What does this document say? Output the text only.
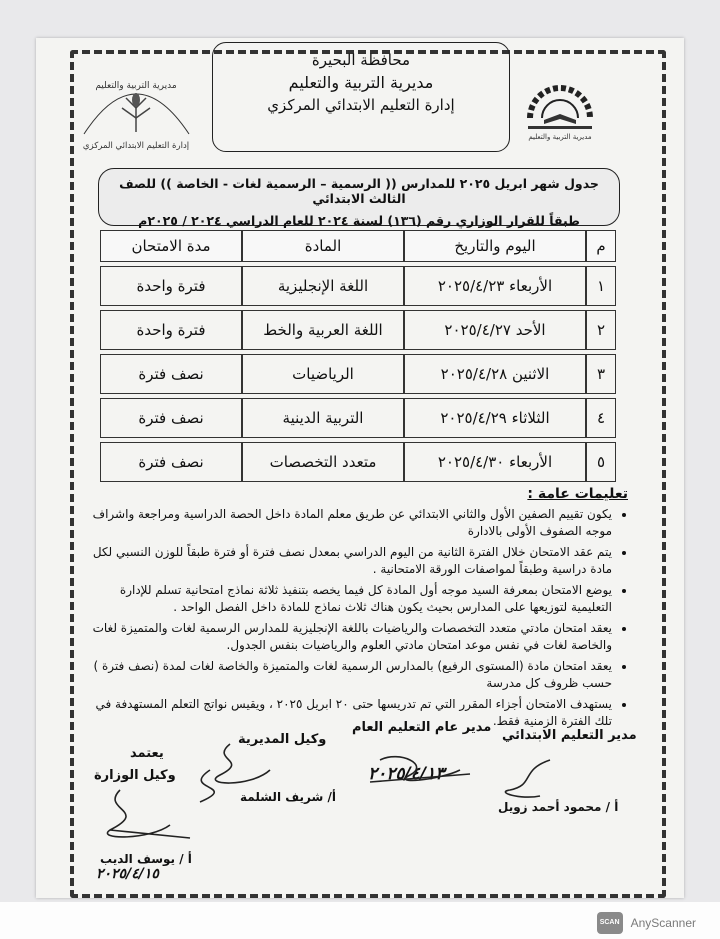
مديرية التربية والتعليم
إدارة التعليم الابتدائي المركزي
مديرية التربية والتعليم
محافظة البحيرة
مديرية التربية والتعليم
إدارة التعليم الابتدائي المركزي
جدول شهر ابريل ٢٠٢٥ للمدارس (( الرسمية – الرسمية لغات - الخاصة )) للصف الثالث الابتدائي
طبقاً للقرار الوزاري رقم (١٣٦) لسنة ٢٠٢٤ للعام الدراسي ٢٠٢٤ / ٢٠٢٥م
م	اليوم والتاريخ	المادة	مدة الامتحان
١	الأربعاء ٢٠٢٥/٤/٢٣	اللغة الإنجليزية	فترة واحدة
٢	الأحد ٢٠٢٥/٤/٢٧	اللغة العربية والخط	فترة واحدة
٣	الاثنين ٢٠٢٥/٤/٢٨	الرياضيات	نصف فترة
٤	الثلاثاء ٢٠٢٥/٤/٢٩	التربية الدينية	نصف فترة
٥	الأربعاء ٢٠٢٥/٤/٣٠	متعدد التخصصات	نصف فترة
تعليمات عامة :
• يكون تقييم الصفين الأول والثاني الابتدائي عن طريق معلم المادة داخل الحصة الدراسية ومراجعة واشراف موجه الصفوف الأولى بالادارة
• يتم عقد الامتحان خلال الفترة الثانية من اليوم الدراسي بمعدل نصف فترة أو فترة طبقاً للوزن النسبي لكل مادة دراسية وطبقاً لمواصفات الورقة الامتحانية .
• يوضع الامتحان بمعرفة السيد موجه أول المادة كل فيما يخصه بتنفيذ ثلاثة نماذج امتحانية تسلم للإدارة التعليمية لتوزيعها على المدارس بحيث يكون هناك ثلاث نماذج للمادة داخل الفصل الواحد .
• يعقد امتحان مادتي متعدد التخصصات والرياضيات باللغة الإنجليزية للمدارس الرسمية لغات والمتميزة لغات والخاصة لغات في نفس موعد امتحان مادتي العلوم والرياضيات بنفس الجدول.
• يعقد امتحان مادة (المستوى الرفيع) بالمدارس الرسمية لغات والمتميزة والخاصة لغات لمدة (نصف فترة ) حسب ظروف كل مدرسة
• يستهدف الامتحان أجزاء المقرر التي تم تدريسها حتى ٢٠ ابريل ٢٠٢٥ ، ويقيس نواتج التعلم المستهدفة في تلك الفترة الزمنية فقط.
مدير التعليم الابتدائي
أ / محمود أحمد زويل
مدير عام التعليم العام
٢٠٢٥/٤/١٣
وكيل المديرية
أ/ شريف الشلمة
يعتمد
وكيل الوزارة
أ / يوسف الديب
٢٠٢٥/٤/١٥
SCAN AnyScanner
